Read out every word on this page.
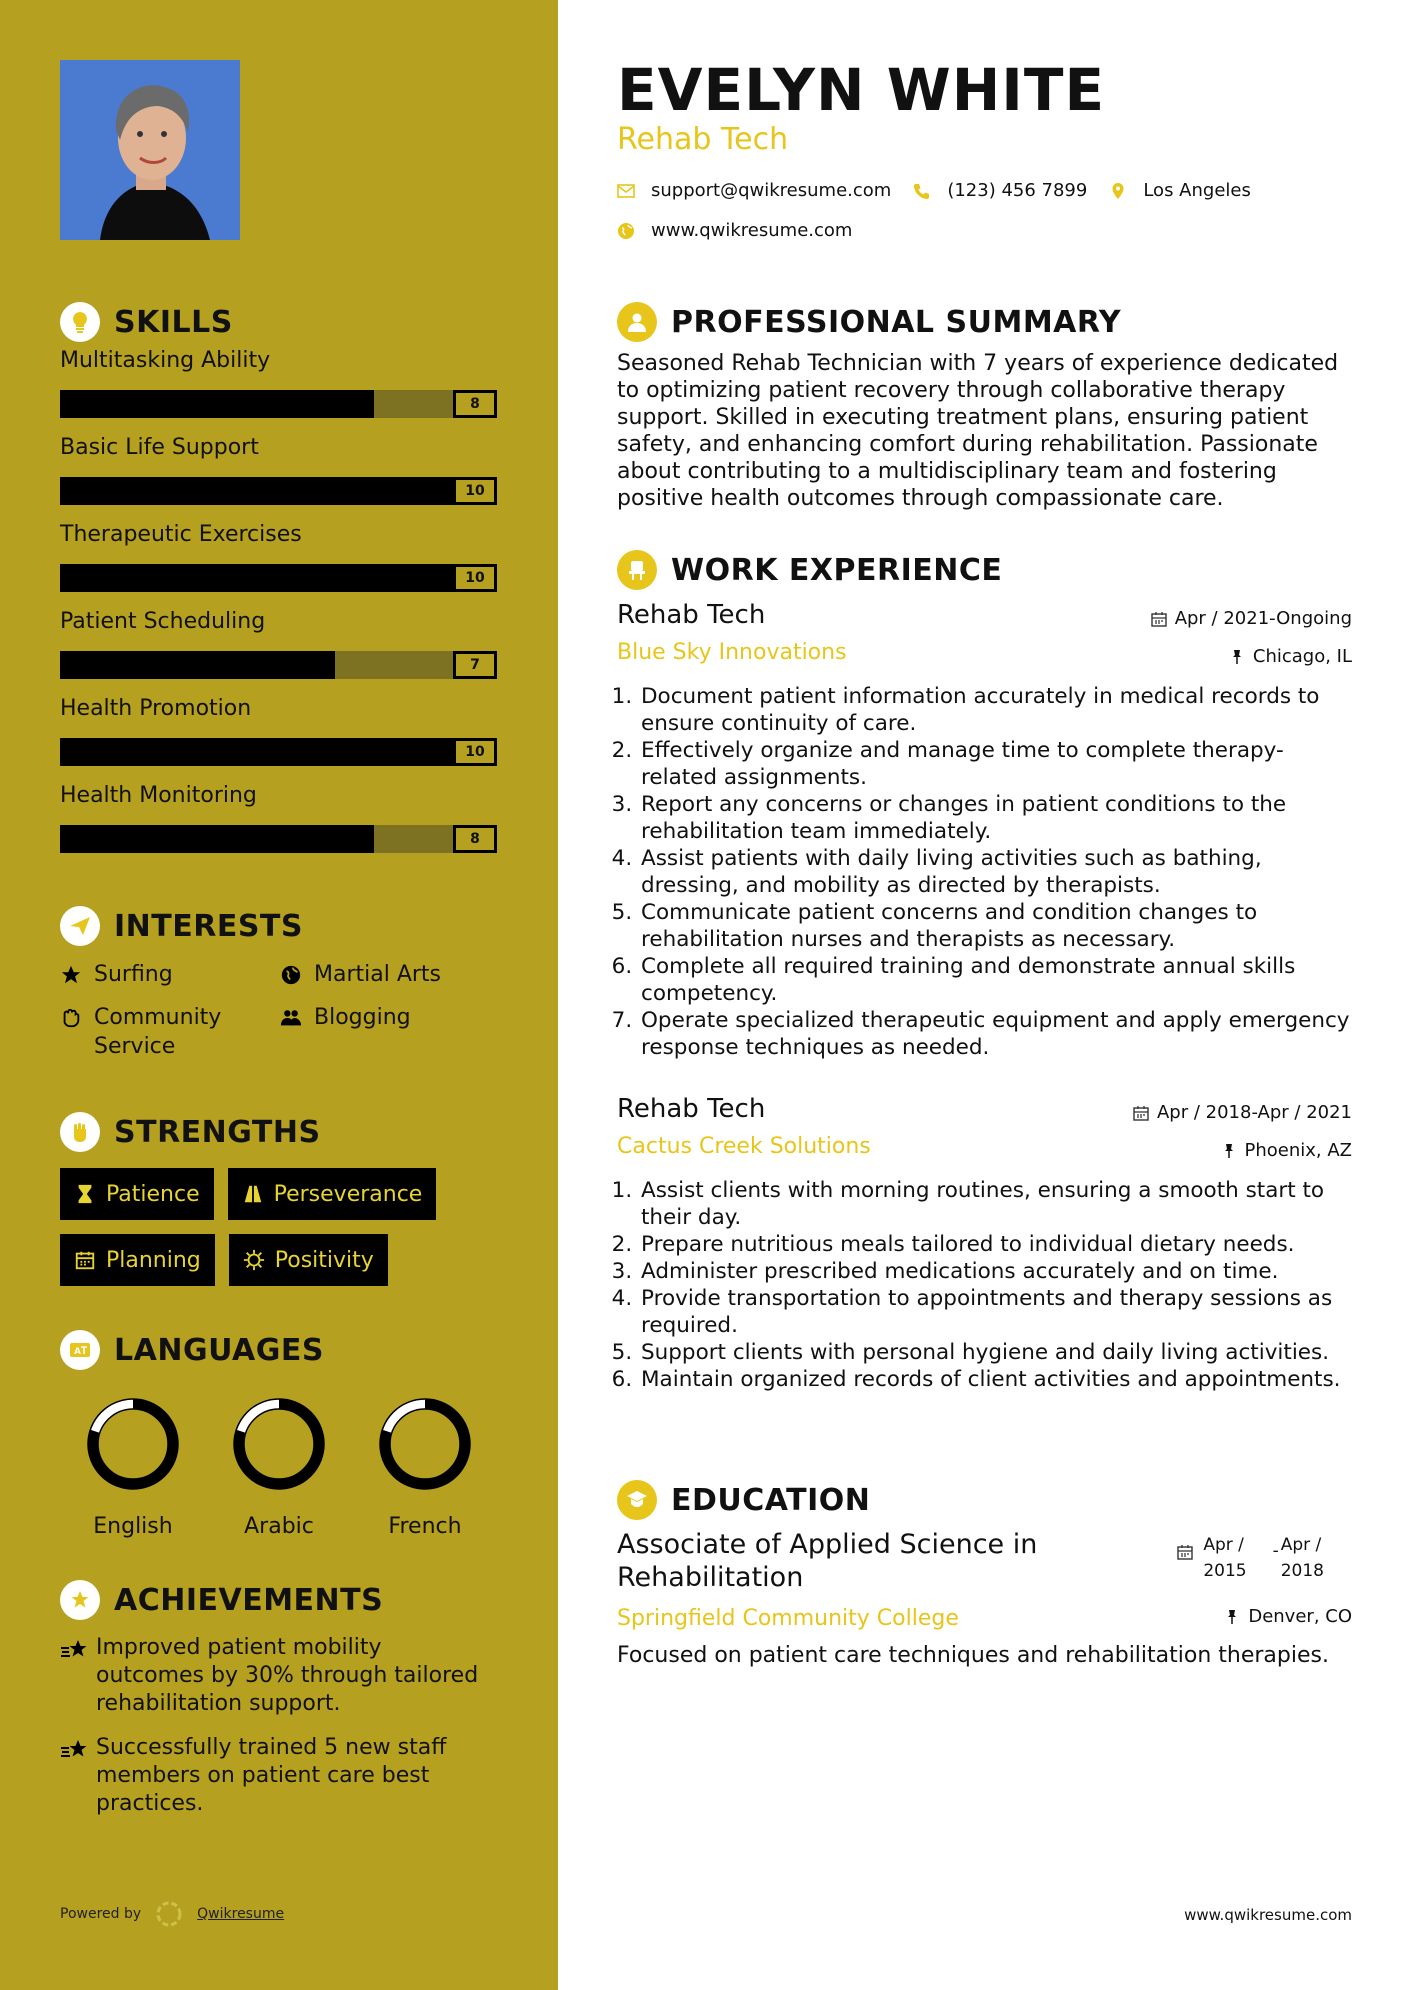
SKILLS
Multitasking Ability
8
Basic Life Support
10
Therapeutic Exercises
10
Patient Scheduling
7
Health Promotion
10
Health Monitoring
8
INTERESTS
Surfing	Martial Arts
Community Service
Blogging
STRENGTHS
Patience	Perseverance
Planning	Positivity
A LANGUAGES
English	Arabic	French
ACHIEVEMENTS
Improved patient mobility outcomes by 30% through tailored rehabilitation support.
Successfully trained 5 new staff members on patient care best practices.
Powered by	Qwikresume
EVELYN WHITE
Rehab Tech
support@qwikresume.com	(123) 456 7899	Los Angeles
www.qwikresume.com
PROFESSIONAL SUMMARY
Seasoned Rehab Technician with 7 years of experience dedicated to optimizing patient recovery through collaborative therapy support. Skilled in executing treatment plans, ensuring patient safety, and enhancing comfort during rehabilitation. Passionate about contributing to a multidisciplinary team and fostering positive health outcomes through compassionate care.
WORK EXPERIENCE
Rehab Tech
Blue Sky Innovations
Apr / 2021-Ongoing
Chicago, IL
1. Document patient information accurately in medical records to ensure continuity of care.
2. Effectively organize and manage time to complete therapy-related assignments.
3. Report any concerns or changes in patient conditions to the rehabilitation team immediately.
4. Assist patients with daily living activities such as bathing, dressing, and mobility as directed by therapists.
5. Communicate patient concerns and condition changes to rehabilitation nurses and therapists as necessary.
6. Complete all required training and demonstrate annual skills competency.
7. Operate specialized therapeutic equipment and apply emergency response techniques as needed.
Rehab Tech
Cactus Creek Solutions
Apr / 2018-Apr / 2021
Phoenix, AZ
1. Assist clients with morning routines, ensuring a smooth start to their day.
2. Prepare nutritious meals tailored to individual dietary needs.
3. Administer prescribed medications accurately and on time.
4. Provide transportation to appointments and therapy sessions as required.
5. Support clients with personal hygiene and daily living activities.
6. Maintain organized records of client activities and appointments.
EDUCATION
Associate of Applied Science in Rehabilitation
Apr /
2015
- Apr /
2018
Springfield Community College	Denver, CO
Focused on patient care techniques and rehabilitation therapies.
www.qwikresume.com
